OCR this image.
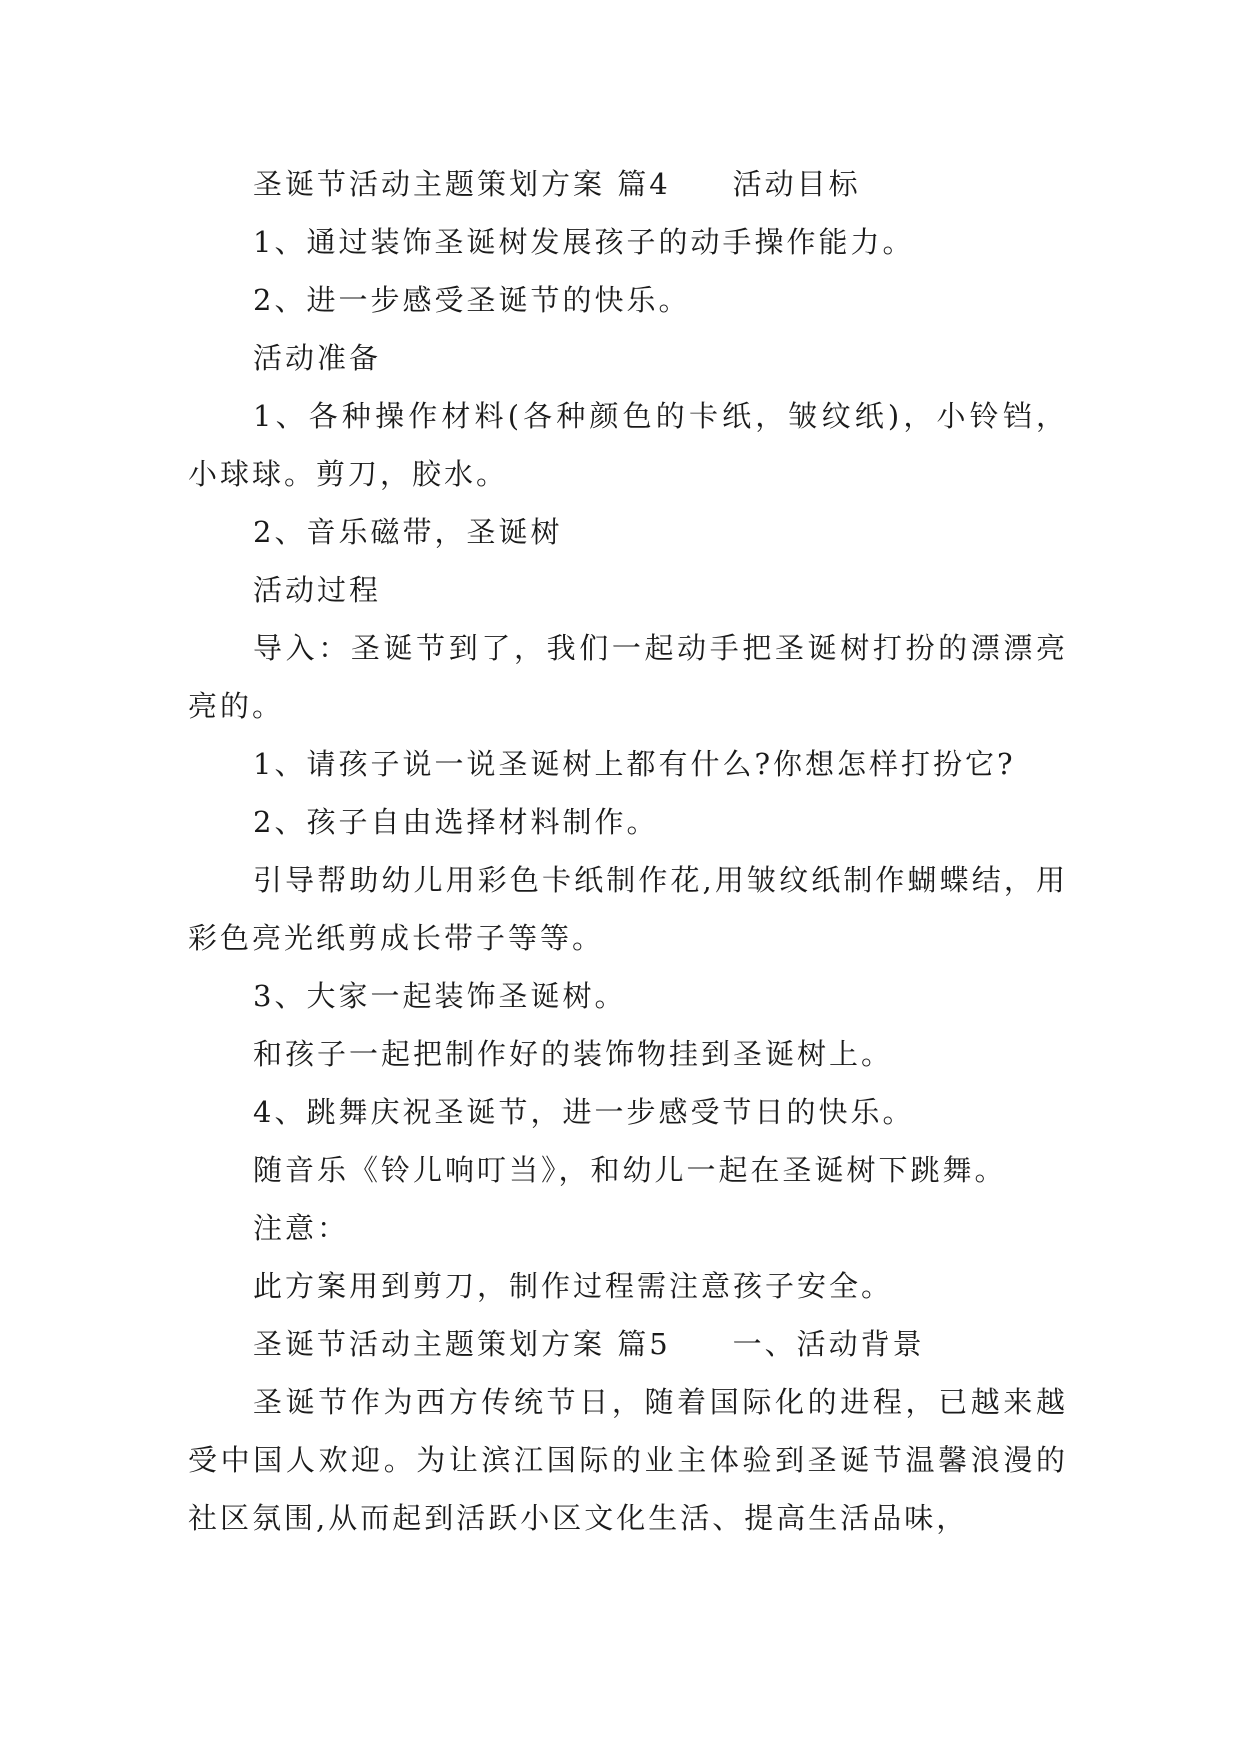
圣诞节活动主题策划方案 篇4 活动目标

1、通过装饰圣诞树发展孩子的动手操作能力。

2、进一步感受圣诞节的快乐。

活动准备

1、各种操作材料(各种颜色的卡纸，皱纹纸)，小铃铛，小球球。剪刀，胶水。

2、音乐磁带，圣诞树

活动过程

导入：圣诞节到了，我们一起动手把圣诞树打扮的漂漂亮亮的。

1、请孩子说一说圣诞树上都有什么?你想怎样打扮它?

2、孩子自由选择材料制作。

引导帮助幼儿用彩色卡纸制作花,用皱纹纸制作蝴蝶结，用彩色亮光纸剪成长带子等等。

3、大家一起装饰圣诞树。

和孩子一起把制作好的装饰物挂到圣诞树上。

4、跳舞庆祝圣诞节，进一步感受节日的快乐。

随音乐《铃儿响叮当》，和幼儿一起在圣诞树下跳舞。

注意：

此方案用到剪刀，制作过程需注意孩子安全。

圣诞节活动主题策划方案 篇5 一、活动背景

圣诞节作为西方传统节日，随着国际化的进程，已越来越受中国人欢迎。为让滨江国际的业主体验到圣诞节温馨浪漫的社区氛围,从而起到活跃小区文化生活、提高生活品味，
